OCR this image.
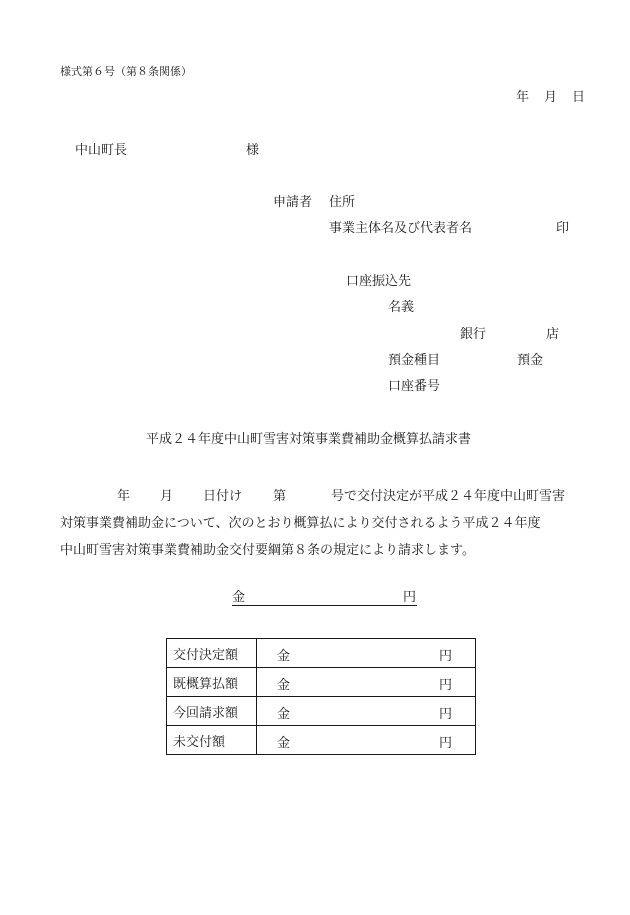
様式第６号（第８条関係）
年 月 日
中山町長	様
申請者 住所
事業主体名及び代表者名	印
口座振込先
名義
銀行	店
預金種目	預金
口座番号
平成２４年度中山町雪害対策事業費補助金概算払請求書
年 月 日付け 第	号で交付決定が平成２４年度中山町雪害
対策事業費補助金について、次のとおり概算払により交付されるよう平成２４年度
中山町雪害対策事業費補助金交付要綱第８条の規定により請求します。
金	円
交付決定額	金 円

既概算払額	金 円

今回請求額	金 円

未交付額	金 円
